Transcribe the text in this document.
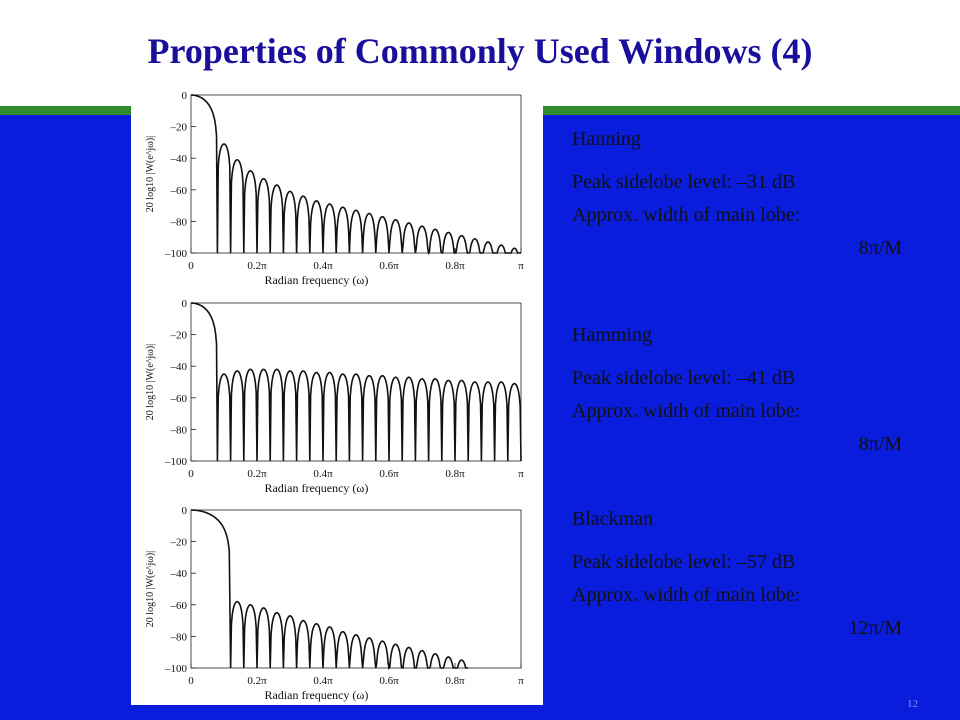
Properties of Commonly Used Windows (4)
0
–20
–40
–60
–80
–100
0	0.2π	0.4π	0.6π	0.8π	π
Radian frequency (ω)
20 log10 |W(e^jω)|
0
–20
–40
–60
–80
–100
0	0.2π	0.4π	0.6π	0.8π	π
Radian frequency (ω)
20 log10 |W(e^jω)|
0
–20
–40
–60
–80
–100
0	0.2π	0.4π	0.6π	0.8π	π
Radian frequency (ω)
20 log10 |W(e^jω)|
Hanning
Peak sidelobe level: –31 dB
Approx. width of main lobe:
8π/M
Hamming
Peak sidelobe level: –41 dB
Approx. width of main lobe:
8π/M
Blackman
Peak sidelobe level: –57 dB
Approx. width of main lobe:
12π/M
12
